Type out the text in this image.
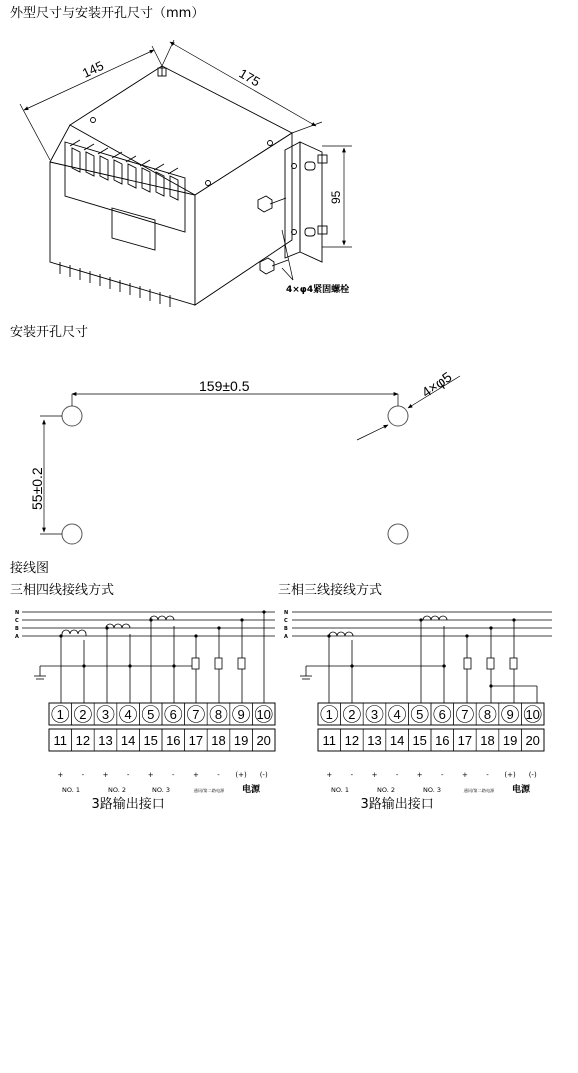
外型尺寸与安装开孔尺寸（mm）
安装开孔尺寸
接线图
三相四线接线方式	三相三线接线方式
145	175
95
4×φ4紧固螺栓
159±0.5
55±0.2
4×φ5
N
C
B
A
1 2 3 4 5 6 7 8 9 10
11 12 13 14 15 16 17 18 19 20
+	-	+	-	+	-	+	- (+) (-)
NO. 1	NO. 2	NO. 3	通讯/第二路电源 电源
3路输出接口
N
C
B
A
1 2 3 4 5 6 7 8 9 10
11 12 13 14 15 16 17 18 19 20
+	-	+	-	+	-	+	- (+) (-)
NO. 1	NO. 2	NO. 3	通讯/第二路电源 电源
3路输出接口
